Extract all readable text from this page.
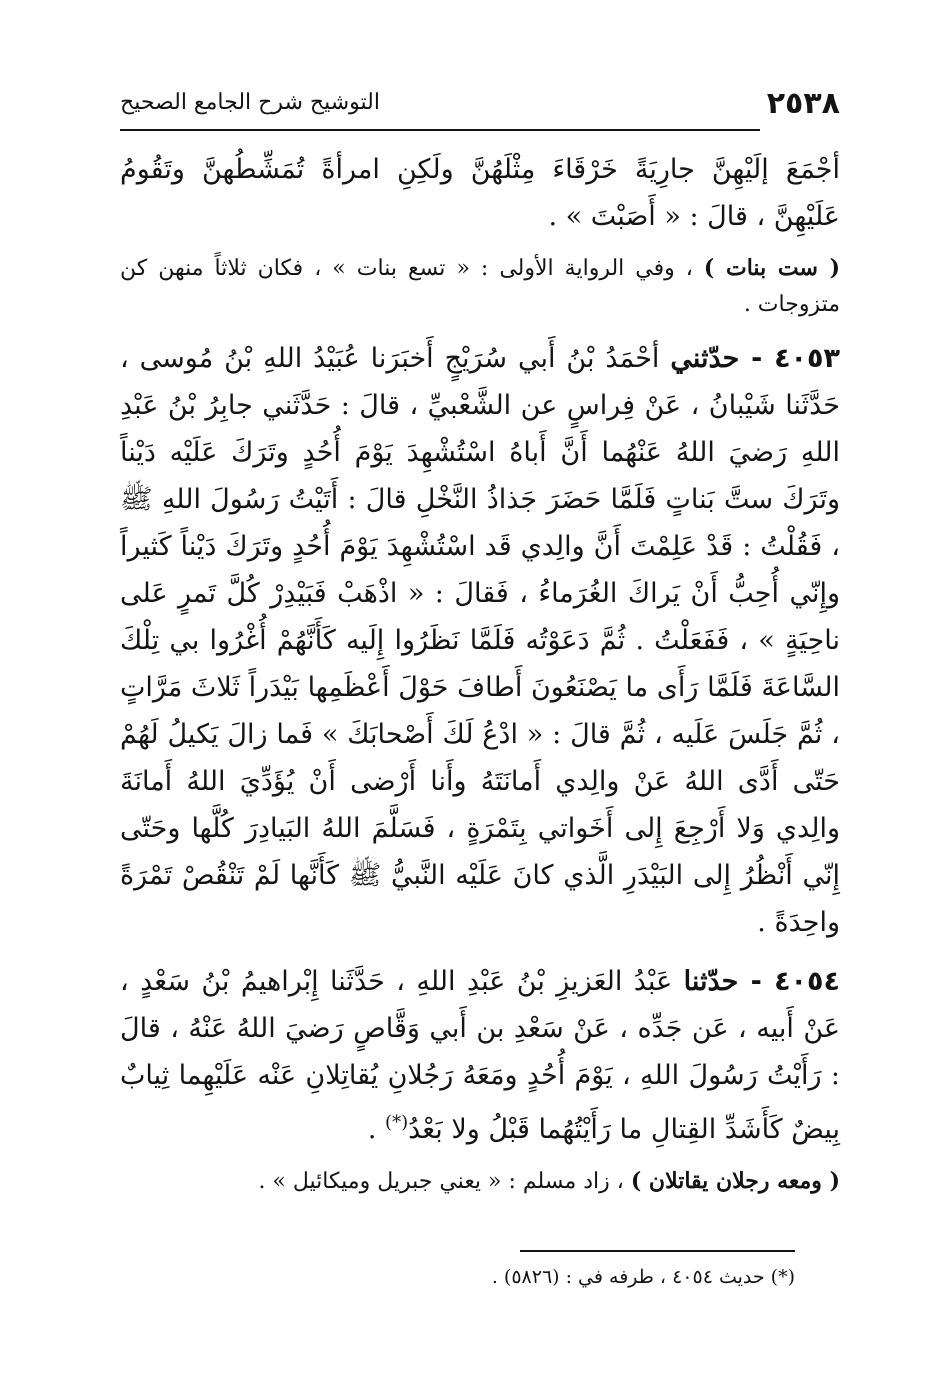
٢٥٣٨
التوشيح شرح الجامع الصحيح

أجْمَعَ إلَيْهِنَّ جارِيَةً خَرْقَاءَ مِثْلَهُنَّ ولَكِنِ امرأةً تُمَشِّطُهنَّ وتَقُومُ عَلَيْهِنَّ ، قالَ : « أَصَبْتَ » .

( ست بنات ) ، وفي الرواية الأولى : « تسع بنات » ، فكان ثلاثاً منهن كن متزوجات .

٤٠٥٣ - حدّثني أحْمَدُ بْنُ أَبي سُرَيْجٍ أَخبَرَنا عُبَيْدُ اللهِ بْنُ مُوسى ، حَدَّثَنا شَيْبانُ ، عَنْ فِراسٍ عن الشَّعْبيِّ ، قالَ : حَدَّثَني جابِرُ بْنُ عَبْدِ اللهِ رَضيَ اللهُ عَنْهُما أَنَّ أَباهُ اسْتُشْهِدَ يَوْمَ أُحُدٍ وتَرَكَ عَلَيْه دَيْناً وتَرَكَ ستَّ بَناتٍ فَلَمَّا حَضَرَ جَذاذُ النَّخْلِ قالَ : أَتَيْتُ رَسُولَ اللهِ ﷺ ، فَقُلْتُ : قَدْ عَلِمْتَ أَنَّ والِدي قَد اسْتُشْهِدَ يَوْمَ أُحُدٍ وتَرَكَ دَيْناً كَثيراً وإِنّي أُحِبُّ أَنْ يَراكَ الغُرَماءُ ، فَقالَ : « اذْهَبْ فَبَيْدِرْ كُلَّ تَمرٍ عَلى ناحِيَةٍ » ، فَفَعَلْتُ . ثُمَّ دَعَوْتُه فَلَمَّا نَظَرُوا إِلَيه كَأَنَّهُمْ أُغْرُوا بي تِلْكَ السَّاعَةَ فَلَمَّا رَأَى ما يَصْنَعُونَ أَطافَ حَوْلَ أَعْظَمِها بَيْدَراً ثَلاثَ مَرَّاتٍ ، ثُمَّ جَلَسَ عَلَيه ، ثُمَّ قالَ : « ادْعُ لَكَ أَصْحابَكَ » فَما زالَ يَكيلُ لَهُمْ حَتّى أَدَّى اللهُ عَنْ والِدي أَمانَتَهُ وأَنا أَرْضى أَنْ يُؤَدِّيَ اللهُ أَمانَةَ والِدي وَلا أَرْجِعَ إِلى أَخَواتي بِتَمْرَةٍ ، فَسَلَّمَ اللهُ البَيادِرَ كُلَّها وحَتّى إِنّي أَنْظُرُ إِلى البَيْدَرِ الَّذي كانَ عَلَيْه النَّبيُّ ﷺ كَأَنَّها لَمْ تَنْقُصْ تَمْرَةً واحِدَةً .

٤٠٥٤ - حدّثنا عَبْدُ العَزيزِ بْنُ عَبْدِ اللهِ ، حَدَّثَنا إِبْراهيمُ بْنُ سَعْدٍ ، عَنْ أَبيه ، عَن جَدِّه ، عَنْ سَعْدِ بن أَبي وَقَّاصٍ رَضيَ اللهُ عَنْهُ ، قالَ : رَأَيْتُ رَسُولَ اللهِ ، يَوْمَ أُحُدٍ ومَعَهُ رَجُلانِ يُقاتِلانِ عَنْه عَلَيْهِما ثِيابٌ بِيضٌ كَأَشَدِّ القِتالِ ما رَأَيْتُهُما قَبْلُ ولا بَعْدُ(*) .

( ومعه رجلان يقاتلان ) ، زاد مسلم : « يعني جبريل وميكائيل » .

(*) حديث ٤٠٥٤ ، طرفه في : (٥٨٢٦) .
